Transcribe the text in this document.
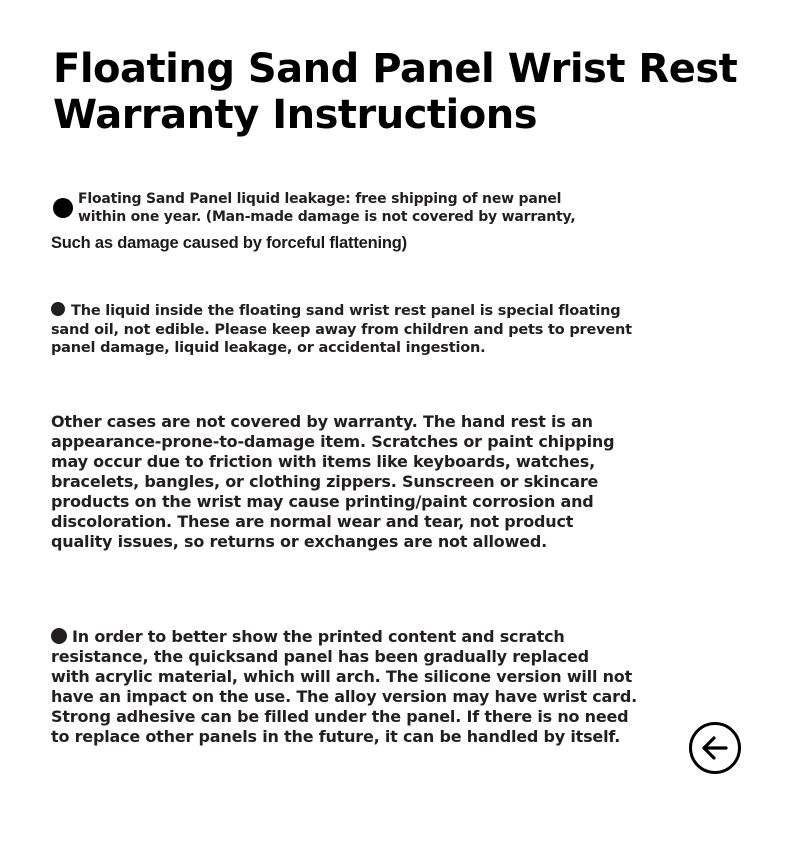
Floating Sand Panel Wrist Rest
Warranty Instructions
Floating Sand Panel liquid leakage: free shipping of new panel
within one year. (Man-made damage is not covered by warranty,
Such as damage caused by forceful flattening)
The liquid inside the floating sand wrist rest panel is special floating
sand oil, not edible. Please keep away from children and pets to prevent
panel damage, liquid leakage, or accidental ingestion.
Other cases are not covered by warranty. The hand rest is an
appearance-prone-to-damage item. Scratches or paint chipping
may occur due to friction with items like keyboards, watches,
bracelets, bangles, or clothing zippers. Sunscreen or skincare
products on the wrist may cause printing/paint corrosion and
discoloration. These are normal wear and tear, not product
quality issues, so returns or exchanges are not allowed.
In order to better show the printed content and scratch
resistance, the quicksand panel has been gradually replaced
with acrylic material, which will arch. The silicone version will not
have an impact on the use. The alloy version may have wrist card.
Strong adhesive can be filled under the panel. If there is no need
to replace other panels in the future, it can be handled by itself.
